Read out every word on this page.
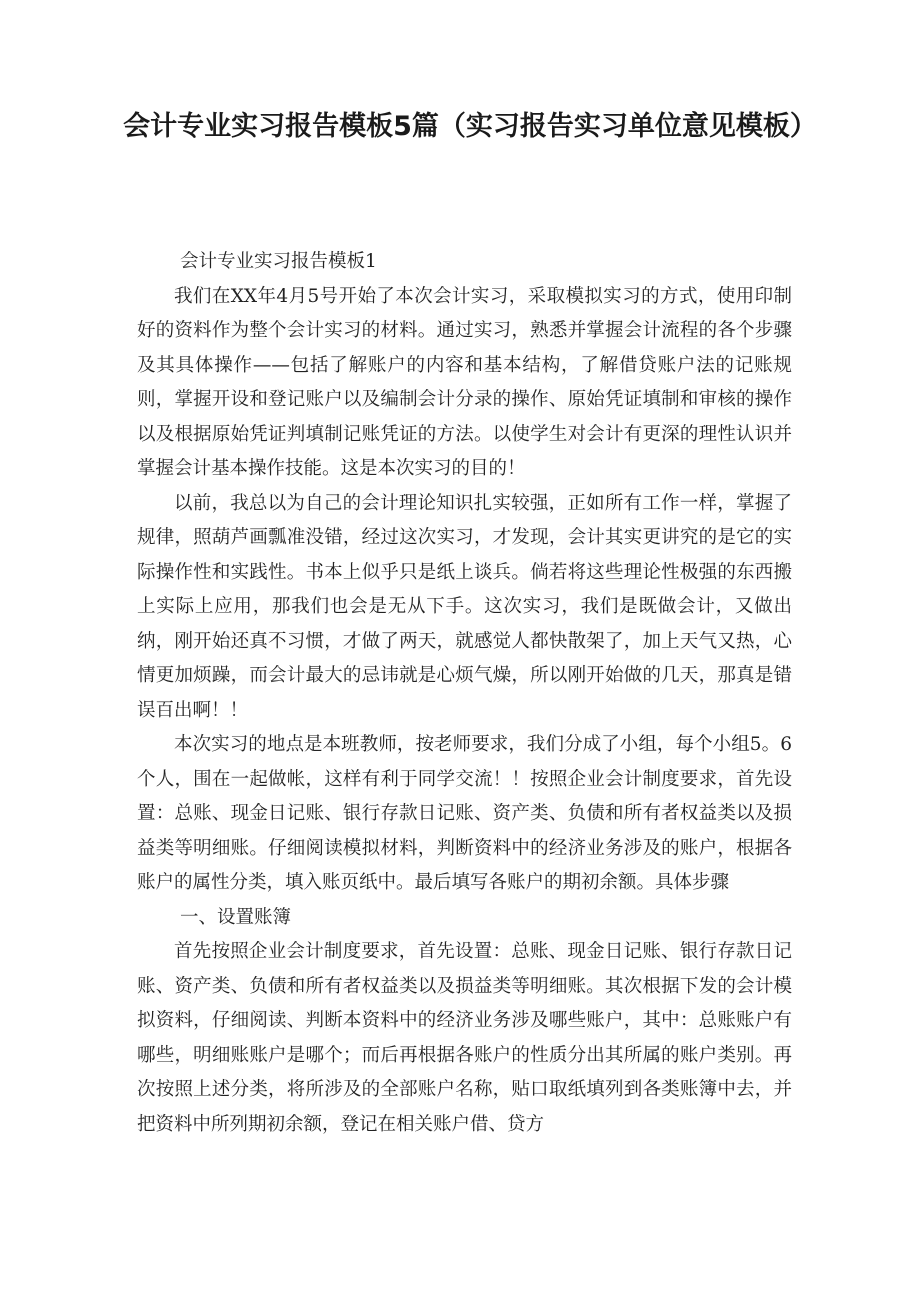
会计专业实习报告模板5篇（实习报告实习单位意见模板）

会计专业实习报告模板1

我们在XX年4月5号开始了本次会计实习，采取模拟实习的方式，使用印制好的资料作为整个会计实习的材料。通过实习，熟悉并掌握会计流程的各个步骤及其具体操作——包括了解账户的内容和基本结构，了解借贷账户法的记账规则，掌握开设和登记账户以及编制会计分录的操作、原始凭证填制和审核的操作以及根据原始凭证判填制记账凭证的方法。以使学生对会计有更深的理性认识并掌握会计基本操作技能。这是本次实习的目的！

以前，我总以为自己的会计理论知识扎实较强，正如所有工作一样，掌握了规律，照葫芦画瓢准没错，经过这次实习，才发现，会计其实更讲究的是它的实际操作性和实践性。书本上似乎只是纸上谈兵。倘若将这些理论性极强的东西搬上实际上应用，那我们也会是无从下手。这次实习，我们是既做会计，又做出纳，刚开始还真不习惯，才做了两天，就感觉人都快散架了，加上天气又热，心情更加烦躁，而会计最大的忌讳就是心烦气燥，所以刚开始做的几天，那真是错误百出啊！！

本次实习的地点是本班教师，按老师要求，我们分成了小组，每个小组5。6个人，围在一起做帐，这样有利于同学交流！！按照企业会计制度要求，首先设置：总账、现金日记账、银行存款日记账、资产类、负债和所有者权益类以及损益类等明细账。仔细阅读模拟材料，判断资料中的经济业务涉及的账户，根据各账户的属性分类，填入账页纸中。最后填写各账户的期初余额。具体步骤

一、设置账簿

首先按照企业会计制度要求，首先设置：总账、现金日记账、银行存款日记账、资产类、负债和所有者权益类以及损益类等明细账。其次根据下发的会计模拟资料，仔细阅读、判断本资料中的经济业务涉及哪些账户，其中：总账账户有哪些，明细账账户是哪个；而后再根据各账户的性质分出其所属的账户类别。再次按照上述分类，将所涉及的全部账户名称，贴口取纸填列到各类账簿中去，并把资料中所列期初余额，登记在相关账户借、贷方
